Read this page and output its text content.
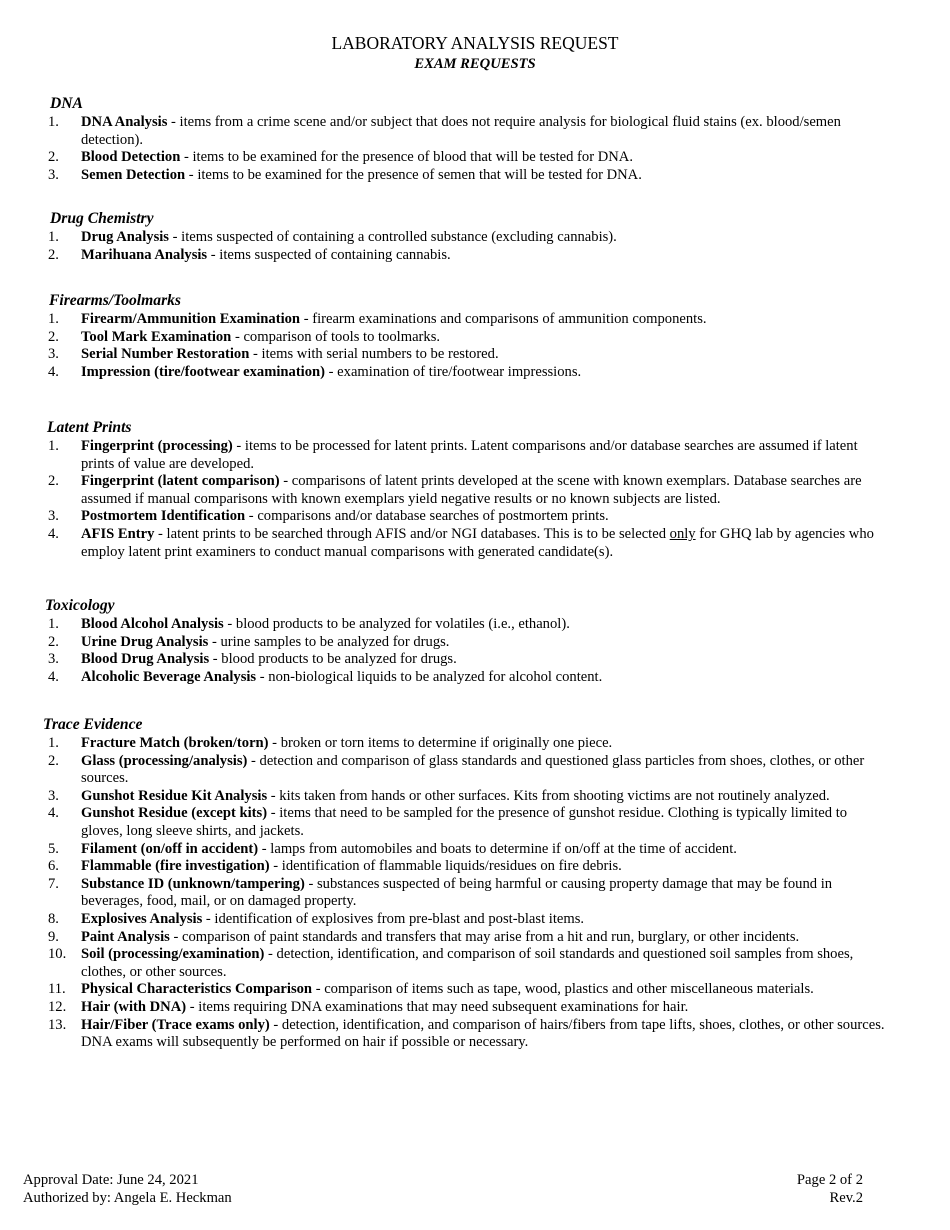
LABORATORY ANALYSIS REQUEST
EXAM REQUESTS
DNA
1. DNA Analysis - items from a crime scene and/or subject that does not require analysis for biological fluid stains (ex. blood/semen detection).
2. Blood Detection - items to be examined for the presence of blood that will be tested for DNA.
3. Semen Detection - items to be examined for the presence of semen that will be tested for DNA.
Drug Chemistry
1. Drug Analysis - items suspected of containing a controlled substance (excluding cannabis).
2. Marihuana Analysis - items suspected of containing cannabis.
Firearms/Toolmarks
1. Firearm/Ammunition Examination - firearm examinations and comparisons of ammunition components.
2. Tool Mark Examination - comparison of tools to toolmarks.
3. Serial Number Restoration - items with serial numbers to be restored.
4. Impression (tire/footwear examination) - examination of tire/footwear impressions.
Latent Prints
1. Fingerprint (processing) - items to be processed for latent prints. Latent comparisons and/or database searches are assumed if latent prints of value are developed.
2. Fingerprint (latent comparison) - comparisons of latent prints developed at the scene with known exemplars. Database searches are assumed if manual comparisons with known exemplars yield negative results or no known subjects are listed.
3. Postmortem Identification - comparisons and/or database searches of postmortem prints.
4. AFIS Entry - latent prints to be searched through AFIS and/or NGI databases. This is to be selected only for GHQ lab by agencies who employ latent print examiners to conduct manual comparisons with generated candidate(s).
Toxicology
1. Blood Alcohol Analysis - blood products to be analyzed for volatiles (i.e., ethanol).
2. Urine Drug Analysis - urine samples to be analyzed for drugs.
3. Blood Drug Analysis - blood products to be analyzed for drugs.
4. Alcoholic Beverage Analysis - non-biological liquids to be analyzed for alcohol content.
Trace Evidence
1. Fracture Match (broken/torn) - broken or torn items to determine if originally one piece.
2. Glass (processing/analysis) - detection and comparison of glass standards and questioned glass particles from shoes, clothes, or other sources.
3. Gunshot Residue Kit Analysis - kits taken from hands or other surfaces. Kits from shooting victims are not routinely analyzed.
4. Gunshot Residue (except kits) - items that need to be sampled for the presence of gunshot residue. Clothing is typically limited to gloves, long sleeve shirts, and jackets.
5. Filament (on/off in accident) - lamps from automobiles and boats to determine if on/off at the time of accident.
6. Flammable (fire investigation) - identification of flammable liquids/residues on fire debris.
7. Substance ID (unknown/tampering) - substances suspected of being harmful or causing property damage that may be found in beverages, food, mail, or on damaged property.
8. Explosives Analysis - identification of explosives from pre-blast and post-blast items.
9. Paint Analysis - comparison of paint standards and transfers that may arise from a hit and run, burglary, or other incidents.
10. Soil (processing/examination) - detection, identification, and comparison of soil standards and questioned soil samples from shoes, clothes, or other sources.
11. Physical Characteristics Comparison - comparison of items such as tape, wood, plastics and other miscellaneous materials.
12. Hair (with DNA) - items requiring DNA examinations that may need subsequent examinations for hair.
13. Hair/Fiber (Trace exams only) - detection, identification, and comparison of hairs/fibers from tape lifts, shoes, clothes, or other sources. DNA exams will subsequently be performed on hair if possible or necessary.
Approval Date: June 24, 2021
Authorized by: Angela E. Heckman
Page 2 of 2
Rev.2
